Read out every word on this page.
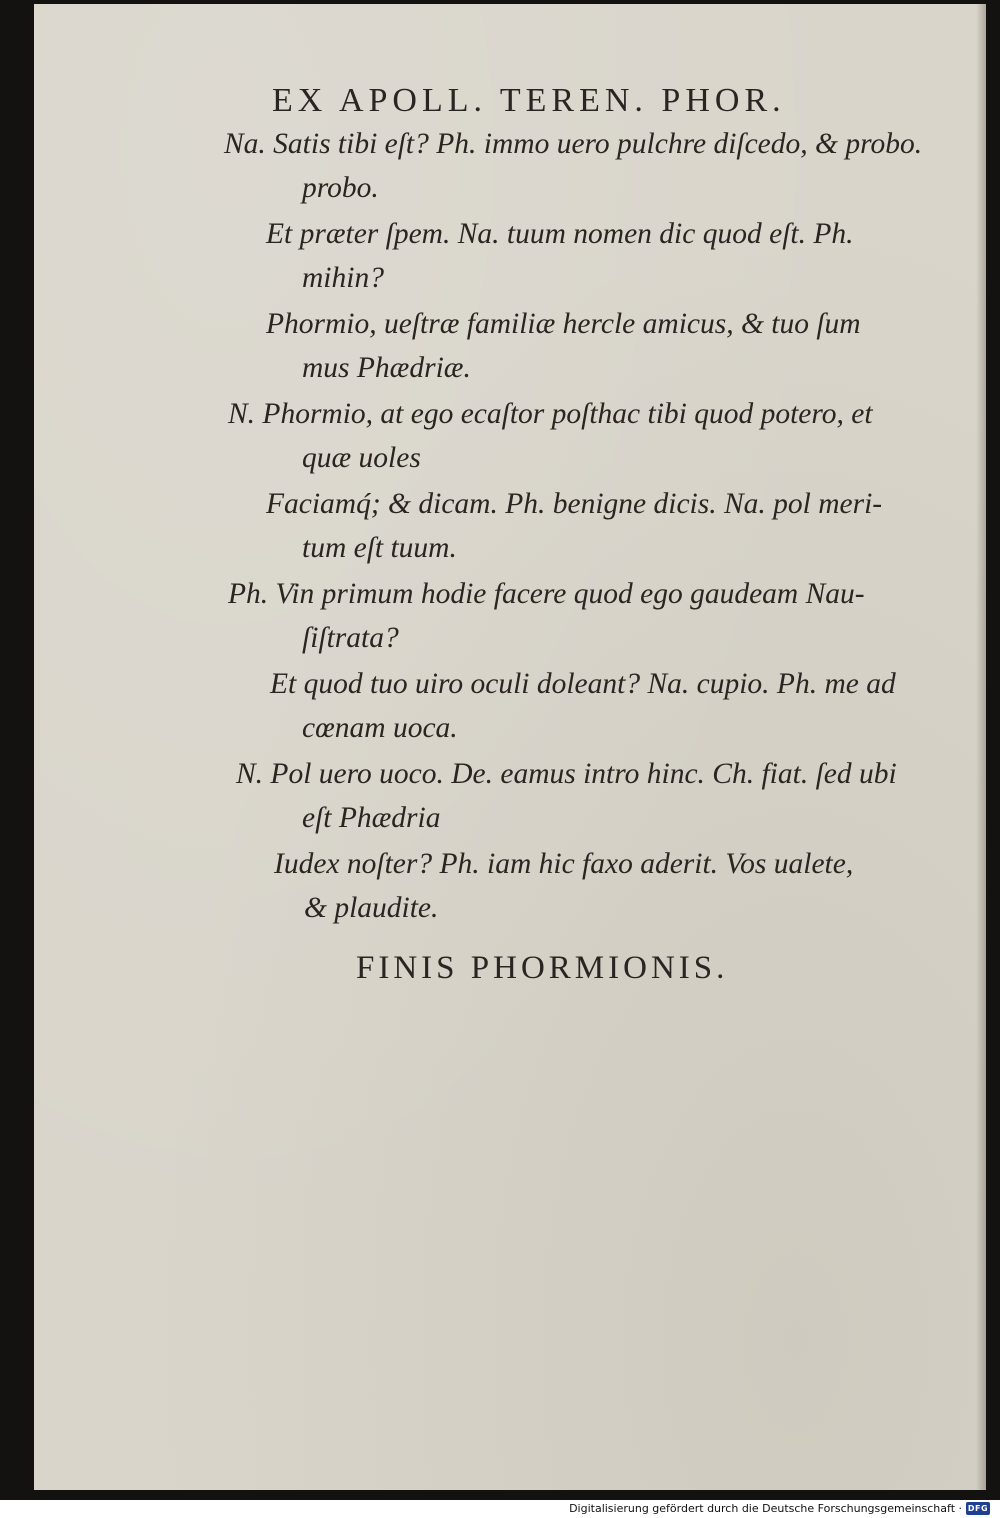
EX APOLL. TEREN. PHOR.
Na. Satis tibi eſt? Ph. immo uero pulchre diſcedo, & probo.
probo.
Et præter ſpem. Na. tuum nomen dic quod eſt. Ph.
mihin?
Phormio, ueſtræ familiæ hercle amicus, & tuo ſum
mus Phædriæ.
N. Phormio, at ego ecaſtor poſthac tibi quod potero, et
quæ uoles
Faciamq́; & dicam. Ph. benigne dicis. Na. pol meri-
tum eſt tuum.
Ph. Vin primum hodie facere quod ego gaudeam Nau-
ſiſtrata?
Et quod tuo uiro oculi doleant? Na. cupio. Ph. me ad
cœnam uoca.
N. Pol uero uoco. De. eamus intro hinc. Ch. fiat. ſed ubi
eſt Phædria
Iudex noſter? Ph. iam hic faxo aderit. Vos ualete,
& plaudite.
FINIS PHORMIONIS.
Digitalisierung gefördert durch die Deutsche Forschungsgemeinschaft · DFG
